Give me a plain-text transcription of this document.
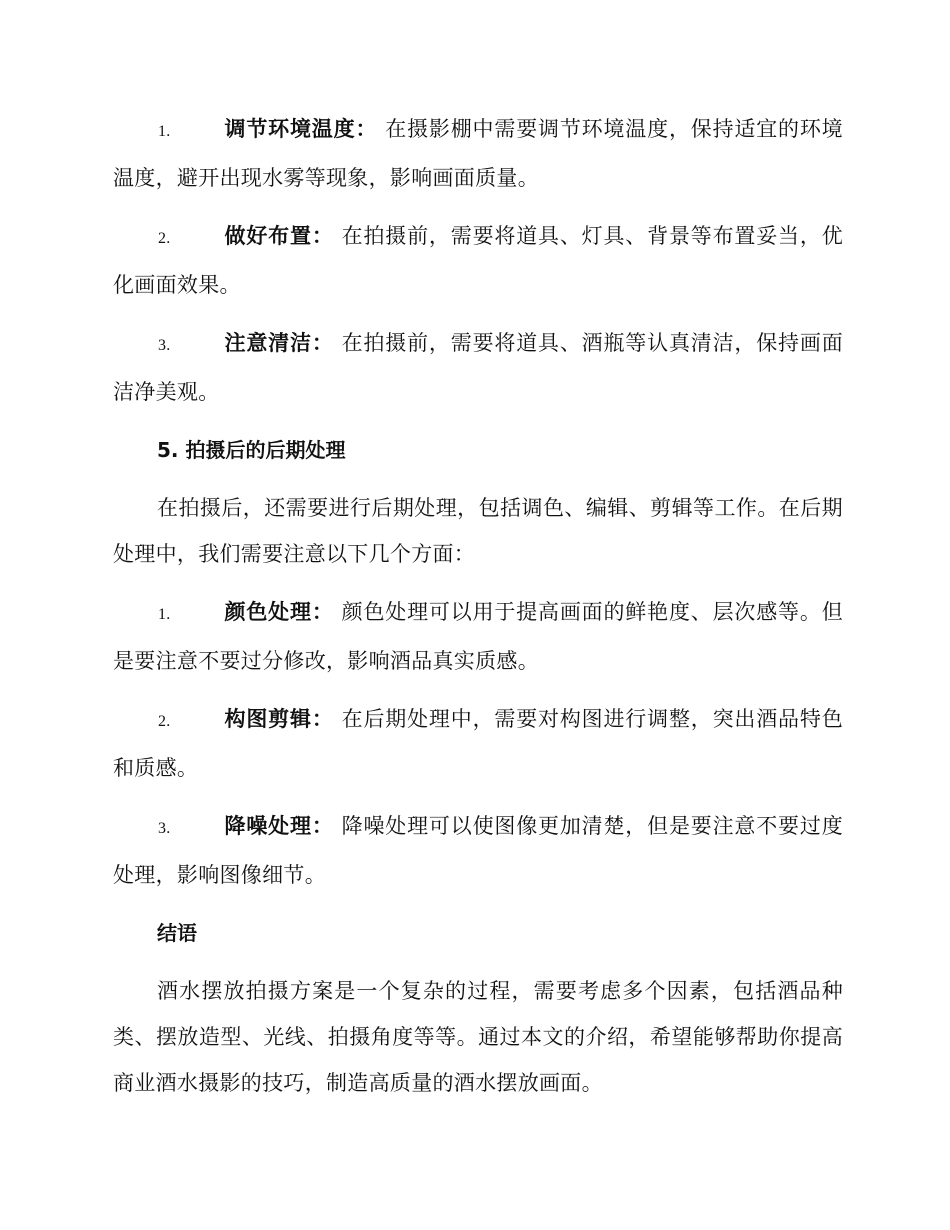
1.	调节环境温度： 在摄影棚中需要调节环境温度，保持适宜的环境温度，避开出现水雾等现象，影响画面质量。

2.	做好布置： 在拍摄前，需要将道具、灯具、背景等布置妥当，优化画面效果。

3.	注意清洁： 在拍摄前，需要将道具、酒瓶等认真清洁，保持画面洁净美观。

5. 拍摄后的后期处理

在拍摄后，还需要进行后期处理，包括调色、编辑、剪辑等工作。在后期处理中，我们需要注意以下几个方面：

1.	颜色处理： 颜色处理可以用于提高画面的鲜艳度、层次感等。但是要注意不要过分修改，影响酒品真实质感。

2.	构图剪辑： 在后期处理中，需要对构图进行调整，突出酒品特色和质感。

3.	降噪处理： 降噪处理可以使图像更加清楚，但是要注意不要过度处理，影响图像细节。

结语

酒水摆放拍摄方案是一个复杂的过程，需要考虑多个因素，包括酒品种类、摆放造型、光线、拍摄角度等等。通过本文的介绍，希望能够帮助你提高商业酒水摄影的技巧，制造高质量的酒水摆放画面。
